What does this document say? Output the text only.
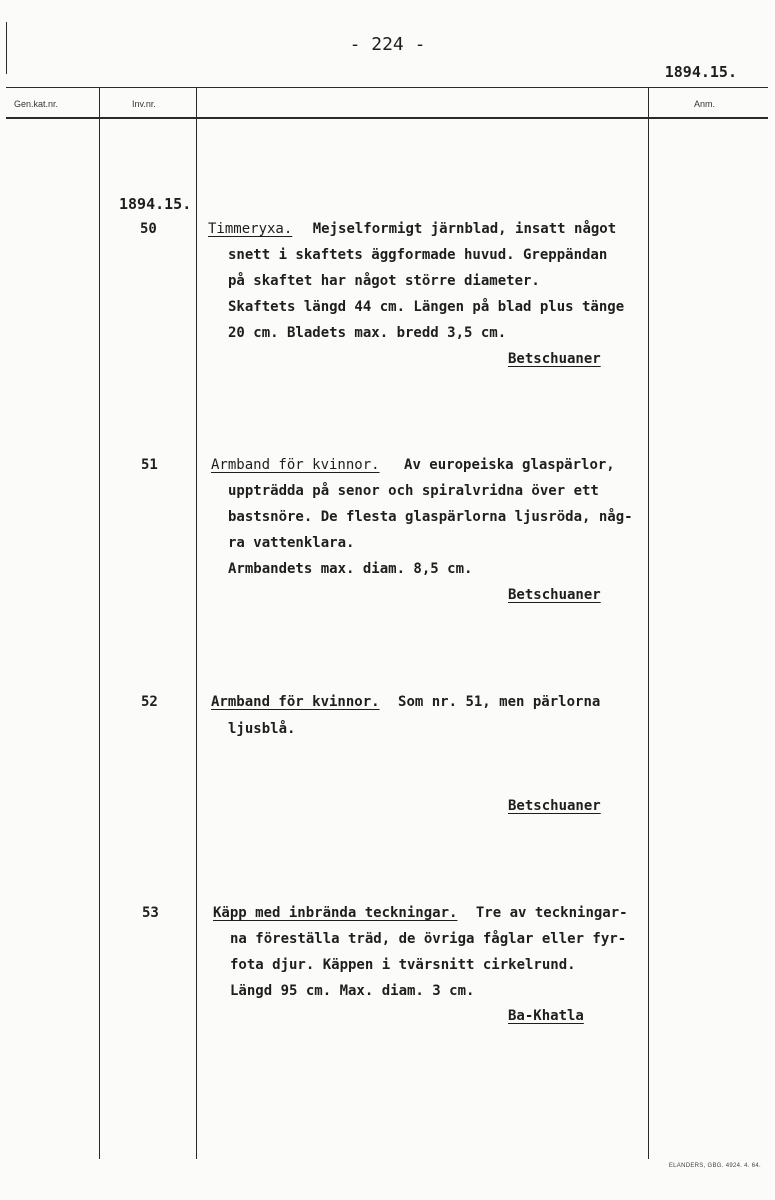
- 224 -
1894.15.
Gen.kat.nr.	Inv.nr.	Anm.
1894.15.
50	Timmeryxa. Mejselformigt järnblad, insatt något
snett i skaftets äggformade huvud. Greppändan
på skaftet har något större diameter.
Skaftets längd 44 cm. Längen på blad plus tänge
20 cm. Bladets max. bredd 3,5 cm.
Betschuaner
51	Armband för kvinnor. Av europeiska glaspärlor,
uppträdda på senor och spiralvridna över ett
bastsnöre. De flesta glaspärlorna ljusröda, någ-
ra vattenklara.
Armbandets max. diam. 8,5 cm.
Betschuaner
52	Armband för kvinnor. Som nr. 51, men pärlorna
ljusblå.
Betschuaner
53	Käpp med inbrända teckningar. Tre av teckningar-
na föreställa träd, de övriga fåglar eller fyr-
fota djur. Käppen i tvärsnitt cirkelrund.
Längd 95 cm. Max. diam. 3 cm.
Ba-Khatla
ELANDERS, GBG. 4924. 4. 64.
